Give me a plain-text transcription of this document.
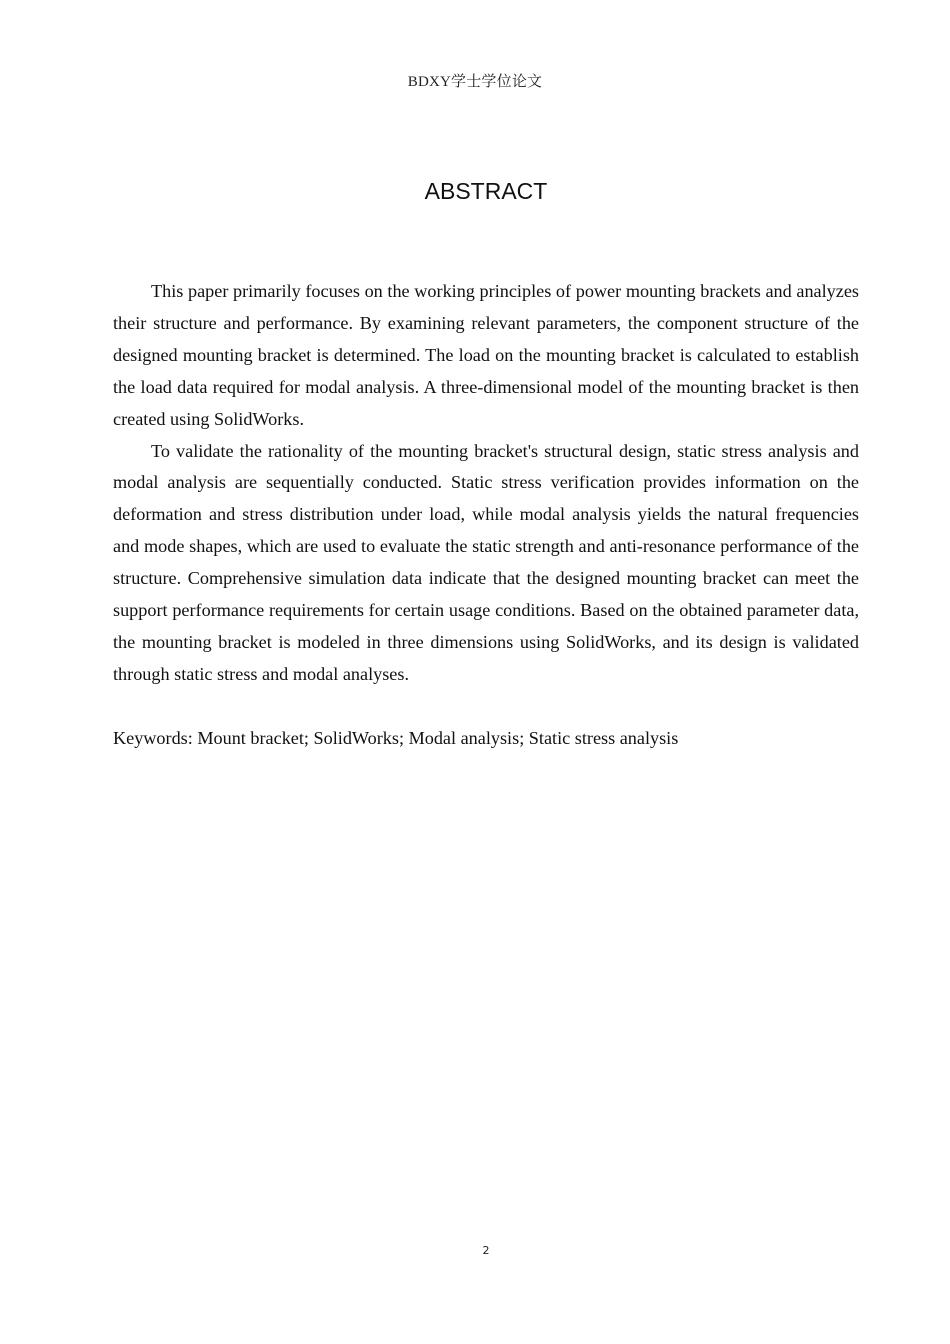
BDXY学士学位论文
ABSTRACT

This paper primarily focuses on the working principles of power mounting brackets and analyzes their structure and performance. By examining relevant parameters, the component structure of the designed mounting bracket is determined. The load on the mounting bracket is calculated to establish the load data required for modal analysis. A three-dimensional model of the mounting bracket is then created using SolidWorks.

To validate the rationality of the mounting bracket's structural design, static stress analysis and modal analysis are sequentially conducted. Static stress verification provides information on the deformation and stress distribution under load, while modal analysis yields the natural frequencies and mode shapes, which are used to evaluate the static strength and anti-resonance performance of the structure. Comprehensive simulation data indicate that the designed mounting bracket can meet the support performance requirements for certain usage conditions. Based on the obtained parameter data, the mounting bracket is modeled in three dimensions using SolidWorks, and its design is validated through static stress and modal analyses.

Keywords: Mount bracket; SolidWorks; Modal analysis; Static stress analysis
2
